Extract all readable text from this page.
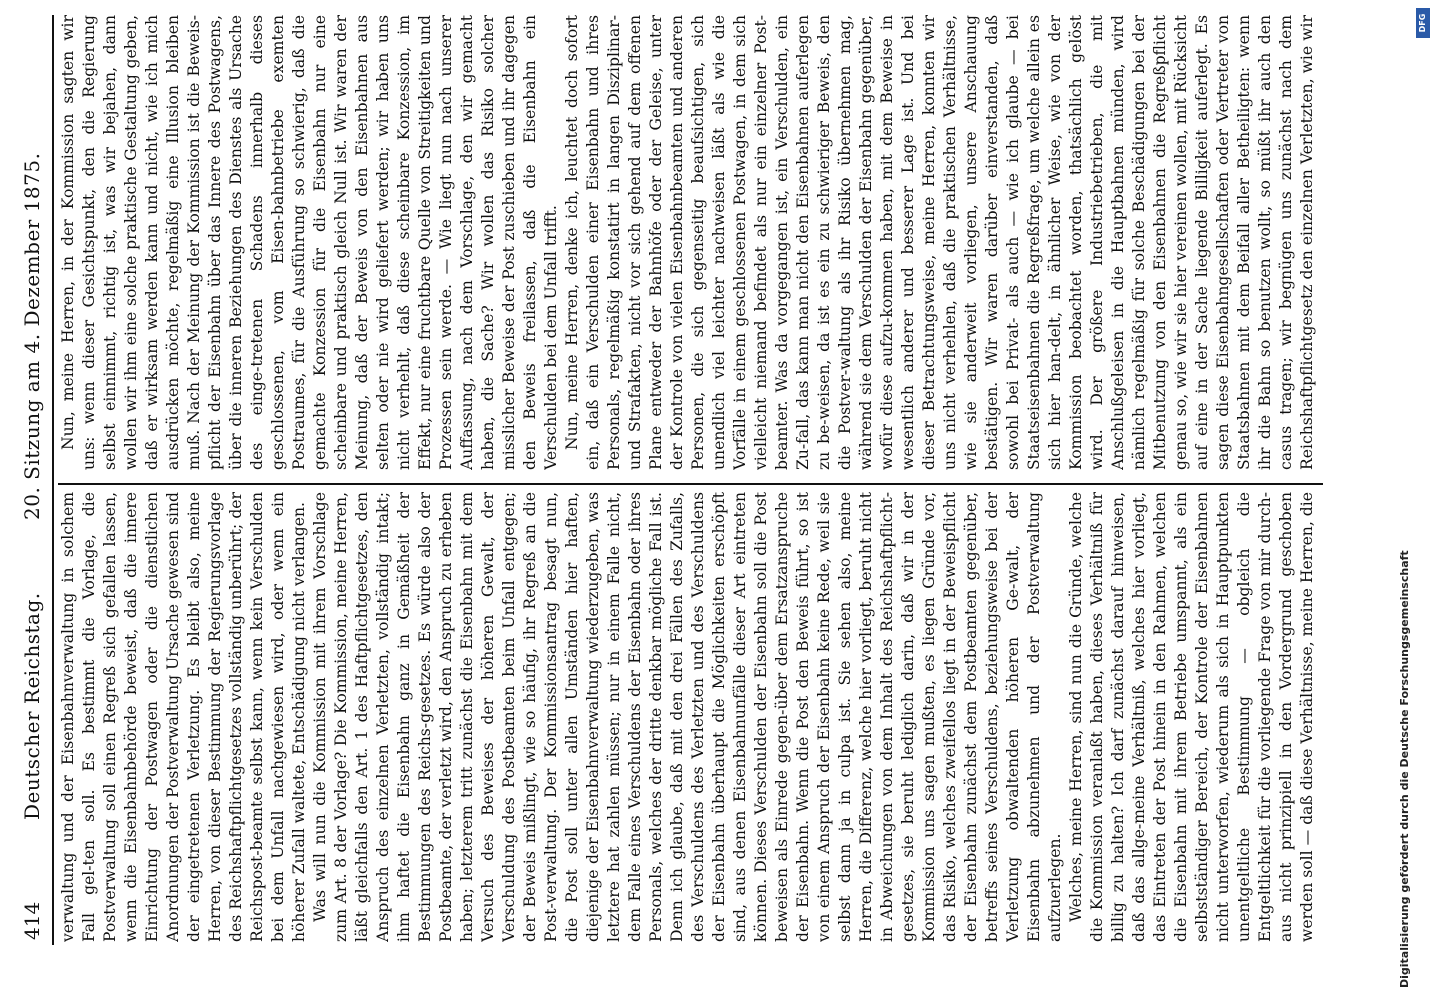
414
Deutscher Reichstag.
20. Sitzung am 4. Dezember 1875.

verwaltung und der Eisenbahnverwaltung in solchem Fall gel-ten soll. Es bestimmt die Vorlage, die Postverwaltung soll einen Regreß sich gefallen lassen, wenn die Eisenbahnbehörde beweist, daß die innere Einrichtung der Postwagen oder die dienstlichen Anordnungen der Postverwaltung Ursache gewesen sind der eingetretenen Verletzung. Es bleibt also, meine Herren, von dieser Bestimmung der Regierungsvorlage des Reichshaftpflichtgesetzes vollständig unberührt; der Reichspost-beamte selbst kann, wenn kein Verschulden bei dem Unfall nachgewiesen wird, oder wenn ein höherer Zufall waltete, Entschädigung nicht verlangen. Was will nun die Kommission mit ihrem Vorschlage zum Art. 8 der Vorlage? Die Kommission, meine Herren, läßt gleichfalls den Art. 1 des Haftpflichtgesetzes, den Anspruch des einzelnen Verletzten, vollständig intakt; ihm haftet die Eisenbahn ganz in Gemäßheit der Bestimmungen des Reichs-gesetzes. Es würde also der Postbeamte, der verletzt wird, den Anspruch zu erheben haben; letzterem tritt zunächst die Eisenbahn mit dem Versuch des Beweises der höheren Gewalt, der Verschuldung des Postbeamten beim Unfall entgegen; der Beweis mißlingt, wie so häufig, ihr Regreß an die Post-verwaltung. Der Kommissionsantrag besagt nun, die Post soll unter allen Umständen hier haften, diejenige der Eisenbahnverwaltung wiederzugeben, was letztere hat zahlen müssen; nur in einem Falle nicht, dem Falle eines Verschuldens der Eisenbahn oder ihres Personals, welches der dritte denkbar mögliche Fall ist. Denn ich glaube, daß mit den drei Fällen des Zufalls, des Verschuldens des Verletzten und des Verschuldens der Eisenbahn überhaupt die Möglichkeiten erschöpft sind, aus denen Eisenbahnunfälle dieser Art eintreten können. Dieses Verschulden der Eisenbahn soll die Post beweisen als Einrede gegen-über dem Ersatzanspruche der Eisenbahn. Wenn die Post den Beweis führt, so ist von einem Anspruch der Eisenbahn keine Rede, weil sie selbst dann ja in culpa ist. Sie sehen also, meine Herren, die Differenz, welche hier vorliegt, beruht nicht in Abweichungen von dem Inhalt des Reichshaftpflicht-gesetzes, sie beruht lediglich darin, daß wir in der Kommission uns sagen mußten, es liegen Gründe vor, das Risiko, welches zweifellos liegt in der Beweispflicht der Eisenbahn zunächst dem Postbeamten gegenüber, betreffs seines Verschuldens, beziehungsweise bei der Verletzung obwaltenden höheren Ge-walt, der Eisenbahn abzunehmen und der Postverwaltung aufzuerlegen. Welches, meine Herren, sind nun die Gründe, welche die Kommission veranlaßt haben, dieses Verhältniß für billig zu halten? Ich darf zunächst darauf hinweisen, daß das allge-meine Verhältniß, welches hier vorliegt, das Eintreten der Post hinein in den Rahmen, welchen die Eisenbahn mit ihrem Betriebe umspannt, als ein selbstständiger Bereich, der Kontrole der Eisenbahnen nicht unterworfen, wiederum als sich in Hauptpunkten unentgeltliche Bestimmung — obgleich die Entgeltlichkeit für die vorliegende Frage von mir durch-aus nicht prinzipiell in den Vordergrund geschoben werden soll — daß diese Verhältnisse, meine Herren, die

Nun, meine Herren, in der Kommission sagten wir uns: wenn dieser Gesichtspunkt, den die Regierung selbst einnimmt, richtig ist, was wir bejahen, dann wollen wir ihm eine solche praktische Gestaltung geben, daß er wirksam werden kann und nicht, wie ich mich ausdrücken möchte, regelmäßig eine Illusion bleiben muß. Nach der Meinung der Kommission ist die Beweis-pflicht der Eisenbahn über das Innere des Postwagens, über die inneren Beziehungen des Dienstes als Ursache des einge-tretenen Schadens innerhalb dieses geschlossenen, vom Eisen-bahnbetriebe exemten Postraumes, für die Ausführung so schwierig, daß die gemachte Konzession für die Eisenbahn nur eine scheinbare und praktisch gleich Null ist. Wir waren der Meinung, daß der Beweis von den Eisenbahnen aus selten oder nie wird geliefert werden; wir haben uns nicht verhehlt, daß diese scheinbare Konzession, im Effekt, nur eine fruchtbare Quelle von Streitigkeiten und Prozessen sein werde. — Wie liegt nun nach unserer Auffassung, nach dem Vorschlage, den wir gemacht haben, die Sache? Wir wollen das Risiko solcher misslicher Beweise der Post zuschieben und ihr dagegen den Beweis freilassen, daß die Eisenbahn ein Verschulden bei dem Unfall trifft. Nun, meine Herren, denke ich, leuchtet doch sofort ein, daß ein Verschulden einer Eisenbahn und ihres Personals, regelmäßig konstatirt in langen Disziplinar- und Strafakten, nicht vor sich gehend auf dem offenen Plane entweder der Bahnhöfe oder der Geleise, unter der Kontrole von vielen Eisenbahnbeamten und anderen Personen, die sich gegenseitig beaufsichtigen, sich unendlich viel leichter nachweisen läßt als wie die Vorfälle in einem geschlossenen Postwagen, in dem sich vielleicht niemand befindet als nur ein einzelner Post-beamter. Was da vorgegangen ist, ein Verschulden, ein Zu-fall, das kann man nicht den Eisenbahnen auferlegen zu be-weisen, da ist es ein zu schwieriger Beweis, den die Postver-waltung als ihr Risiko übernehmen mag, während sie dem Verschulden der Eisenbahn gegenüber, wofür diese aufzu-kommen haben, mit dem Beweise in wesentlich anderer und besserer Lage ist. Und bei dieser Betrachtungsweise, meine Herren, konnten wir uns nicht verhehlen, daß die praktischen Verhältnisse, wie sie anderweit vorliegen, unsere Anschauung bestätigen. Wir waren darüber einverstanden, daß sowohl bei Privat- als auch — wie ich glaube — bei Staatseisenbahnen die Regreßfrage, um welche allein es sich hier han-delt, in ähnlicher Weise, wie von der Kommission beobachtet worden, thatsächlich gelöst wird. Der größere Industriebetrieben, die mit Anschlußgeleisen in die Hauptbahnen münden, wird nämlich regelmäßig für solche Beschädigungen bei der Mitbenutzung von den Eisenbahnen die Regreßpflicht genau so, wie wir sie hier vereinen wollen, mit Rücksicht auf eine in der Sache liegende Billigkeit auferlegt. Es sagen diese Eisenbahngesellschaften oder Vertreter von Staatsbahnen mit dem Beifall aller Betheiligten: wenn ihr die Bahn so benutzen wollt, so müßt ihr auch den casus tragen; wir begnügen uns zunächst nach dem Reichshaftpflichtgesetz den einzelnen Verletzten, wie wir

Digitalisierung gefördert durch die Deutsche Forschungsgemeinschaft
DFG
